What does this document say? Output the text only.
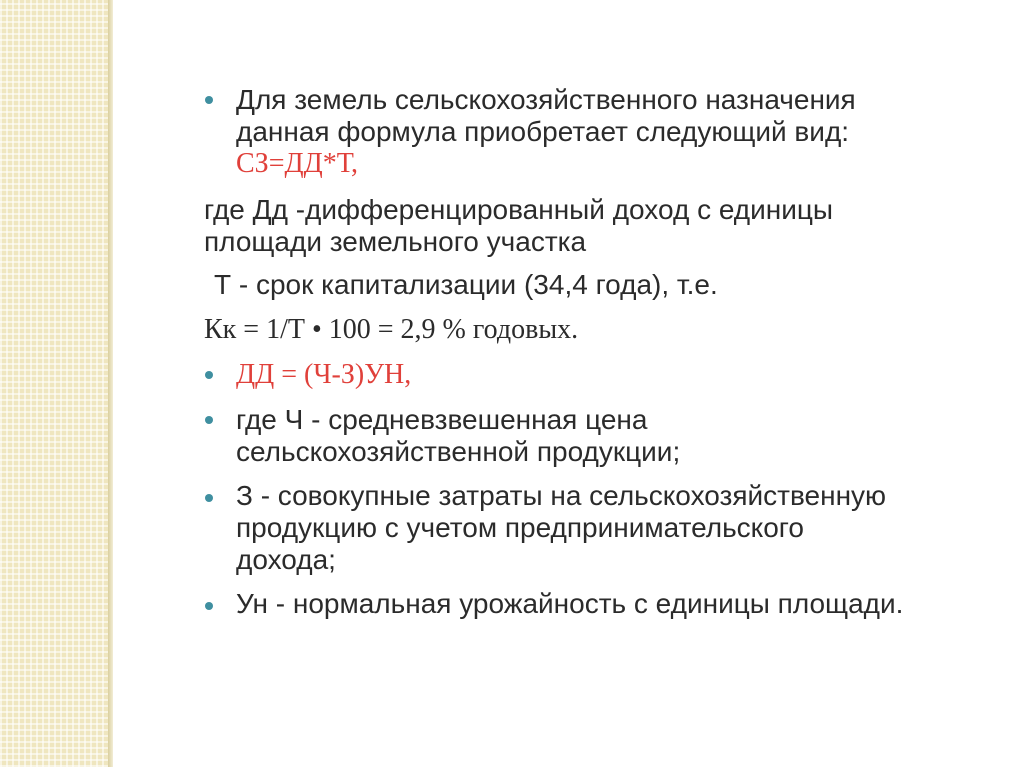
Для земель сельскохозяйственного назначения

данная формула приобретает следующий вид:

СЗ=ДД*Т,

где Дд -дифференцированный доход с единицы

площади земельного участка

Т - срок капитализации (34,4 года), т.е.

Кк = 1/Т • 100 = 2,9 % годовых.

ДД = (Ч-З)УН,

где Ч - средневзвешенная цена

сельскохозяйственной продукции;

З - совокупные затраты на сельскохозяйственную

продукцию с учетом предпринимательского

дохода;

Ун - нормальная урожайность с единицы площади.
